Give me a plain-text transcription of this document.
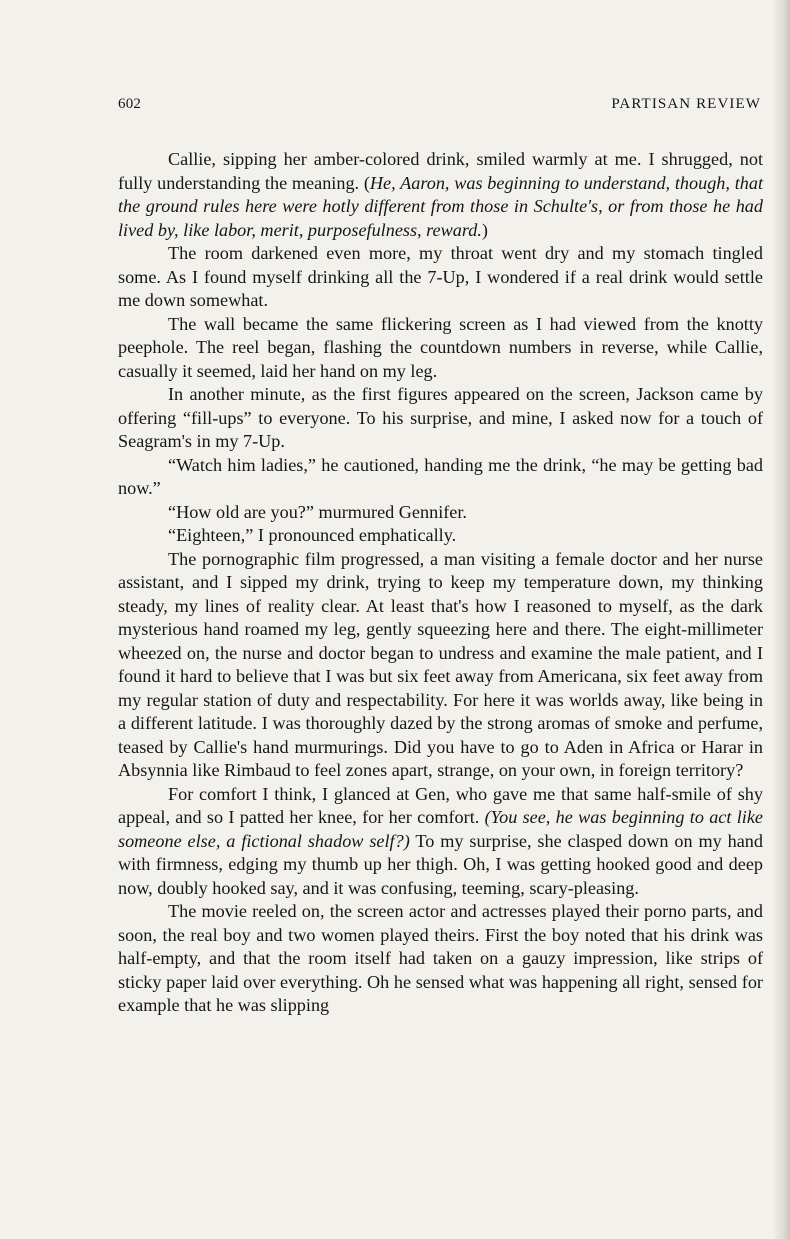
602	PARTISAN REVIEW

Callie, sipping her amber-colored drink, smiled warmly at me. I shrugged, not fully understanding the meaning. (He, Aaron, was beginning to understand, though, that the ground rules here were hotly different from those in Schulte's, or from those he had lived by, like labor, merit, purposefulness, reward.)

The room darkened even more, my throat went dry and my stomach tingled some. As I found myself drinking all the 7-Up, I wondered if a real drink would settle me down somewhat.

The wall became the same flickering screen as I had viewed from the knotty peephole. The reel began, flashing the countdown numbers in reverse, while Callie, casually it seemed, laid her hand on my leg.

In another minute, as the first figures appeared on the screen, Jackson came by offering “fill-ups” to everyone. To his surprise, and mine, I asked now for a touch of Seagram's in my 7-Up.

“Watch him ladies,” he cautioned, handing me the drink, “he may be getting bad now.”

“How old are you?” murmured Gennifer.

“Eighteen,” I pronounced emphatically.

The pornographic film progressed, a man visiting a female doctor and her nurse assistant, and I sipped my drink, trying to keep my temperature down, my thinking steady, my lines of reality clear. At least that's how I reasoned to myself, as the dark mysterious hand roamed my leg, gently squeezing here and there. The eight-millimeter wheezed on, the nurse and doctor began to undress and examine the male patient, and I found it hard to believe that I was but six feet away from Americana, six feet away from my regular station of duty and respectability. For here it was worlds away, like being in a different latitude. I was thoroughly dazed by the strong aromas of smoke and perfume, teased by Callie's hand murmurings. Did you have to go to Aden in Africa or Harar in Absynnia like Rimbaud to feel zones apart, strange, on your own, in foreign territory?

For comfort I think, I glanced at Gen, who gave me that same half-smile of shy appeal, and so I patted her knee, for her comfort. (You see, he was beginning to act like someone else, a fictional shadow self?) To my surprise, she clasped down on my hand with firmness, edging my thumb up her thigh. Oh, I was getting hooked good and deep now, doubly hooked say, and it was confusing, teeming, scary-pleasing.

The movie reeled on, the screen actor and actresses played their porno parts, and soon, the real boy and two women played theirs. First the boy noted that his drink was half-empty, and that the room itself had taken on a gauzy impression, like strips of sticky paper laid over everything. Oh he sensed what was happening all right, sensed for example that he was slipping
